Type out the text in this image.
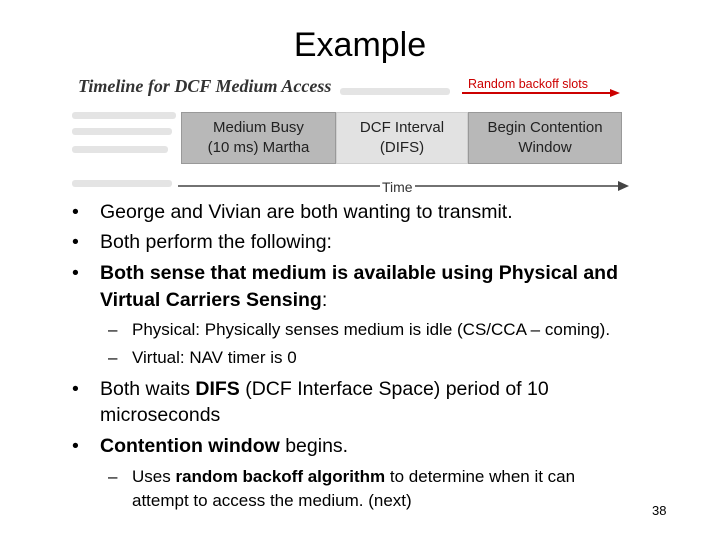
Example
Timeline for DCF Medium Access	Random backoff slots
Medium Busy
(10 ms) Martha
DCF Interval
(DIFS)
Begin Contention
Window
Time
• George and Vivian are both wanting to transmit.
• Both perform the following:
• Both sense that medium is available using Physical and
Virtual Carriers Sensing:
– Physical: Physically senses medium is idle (CS/CCA – coming).
– Virtual: NAV timer is 0
• Both waits DIFS (DCF Interface Space) period of 10
microseconds
• Contention window begins.
– Uses random backoff algorithm to determine when it can
attempt to access the medium. (next)
38
